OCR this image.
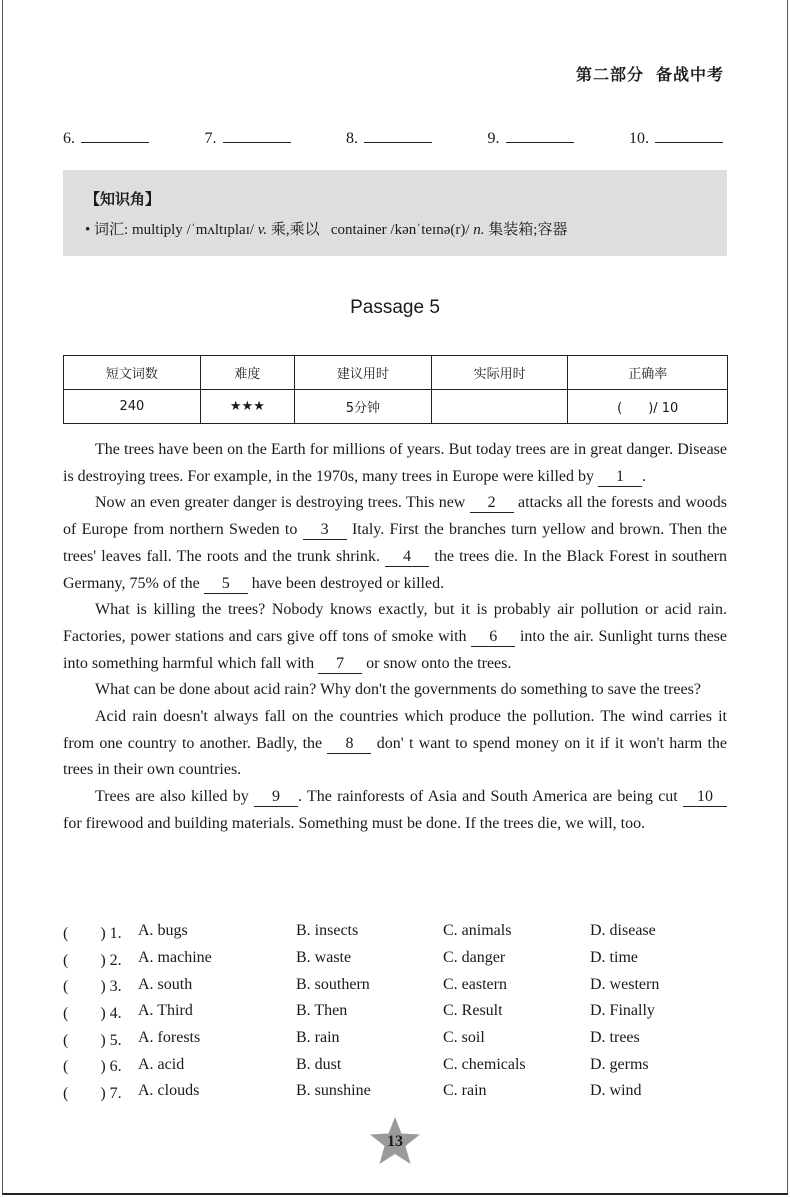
第二部分 备战中考
6.	7.	8.	9.	10.
【知识角】
• 词汇: multiply /ˈmʌltɪplaɪ/ v. 乘,乘以 container /kənˈteɪnə(r)/ n. 集装箱;容器
Passage 5
短文词数	难度	建议用时	实际用时	正确率
240	★★★	5分钟		(　　)/ 10

The trees have been on the Earth for millions of years. But today trees are in great danger. Disease is destroying trees. For example, in the 1970s, many trees in Europe were killed by 1 .

Now an even greater danger is destroying trees. This new 2 attacks all the forests and woods of Europe from northern Sweden to 3 Italy. First the branches turn yellow and brown. Then the trees' leaves fall. The roots and the trunk shrink. 4 the trees die. In the Black Forest in southern Germany, 75% of the 5 have been destroyed or killed.

What is killing the trees? Nobody knows exactly, but it is probably air pollution or acid rain. Factories, power stations and cars give off tons of smoke with 6 into the air. Sunlight turns these into something harmful which fall with 7 or snow onto the trees.

What can be done about acid rain? Why don't the governments do something to save the trees?

Acid rain doesn't always fall on the countries which produce the pollution. The wind carries it from one country to another. Badly, the 8 don' t want to spend money on it if it won't harm the trees in their own countries.

Trees are also killed by 9 . The rainforests of Asia and South America are being cut 10 for firewood and building materials. Something must be done. If the trees die, we will, too.

(　　) 1.	A. bugs	B. insects	C. animals	D. disease
(　　) 2.	A. machine	B. waste	C. danger	D. time
(　　) 3.	A. south	B. southern	C. eastern	D. western
(　　) 4.	A. Third	B. Then	C. Result	D. Finally
(　　) 5.	A. forests	B. rain	C. soil	D. trees
(　　) 6.	A. acid	B. dust	C. chemicals	D. germs
(　　) 7.	A. clouds	B. sunshine	C. rain	D. wind
13
